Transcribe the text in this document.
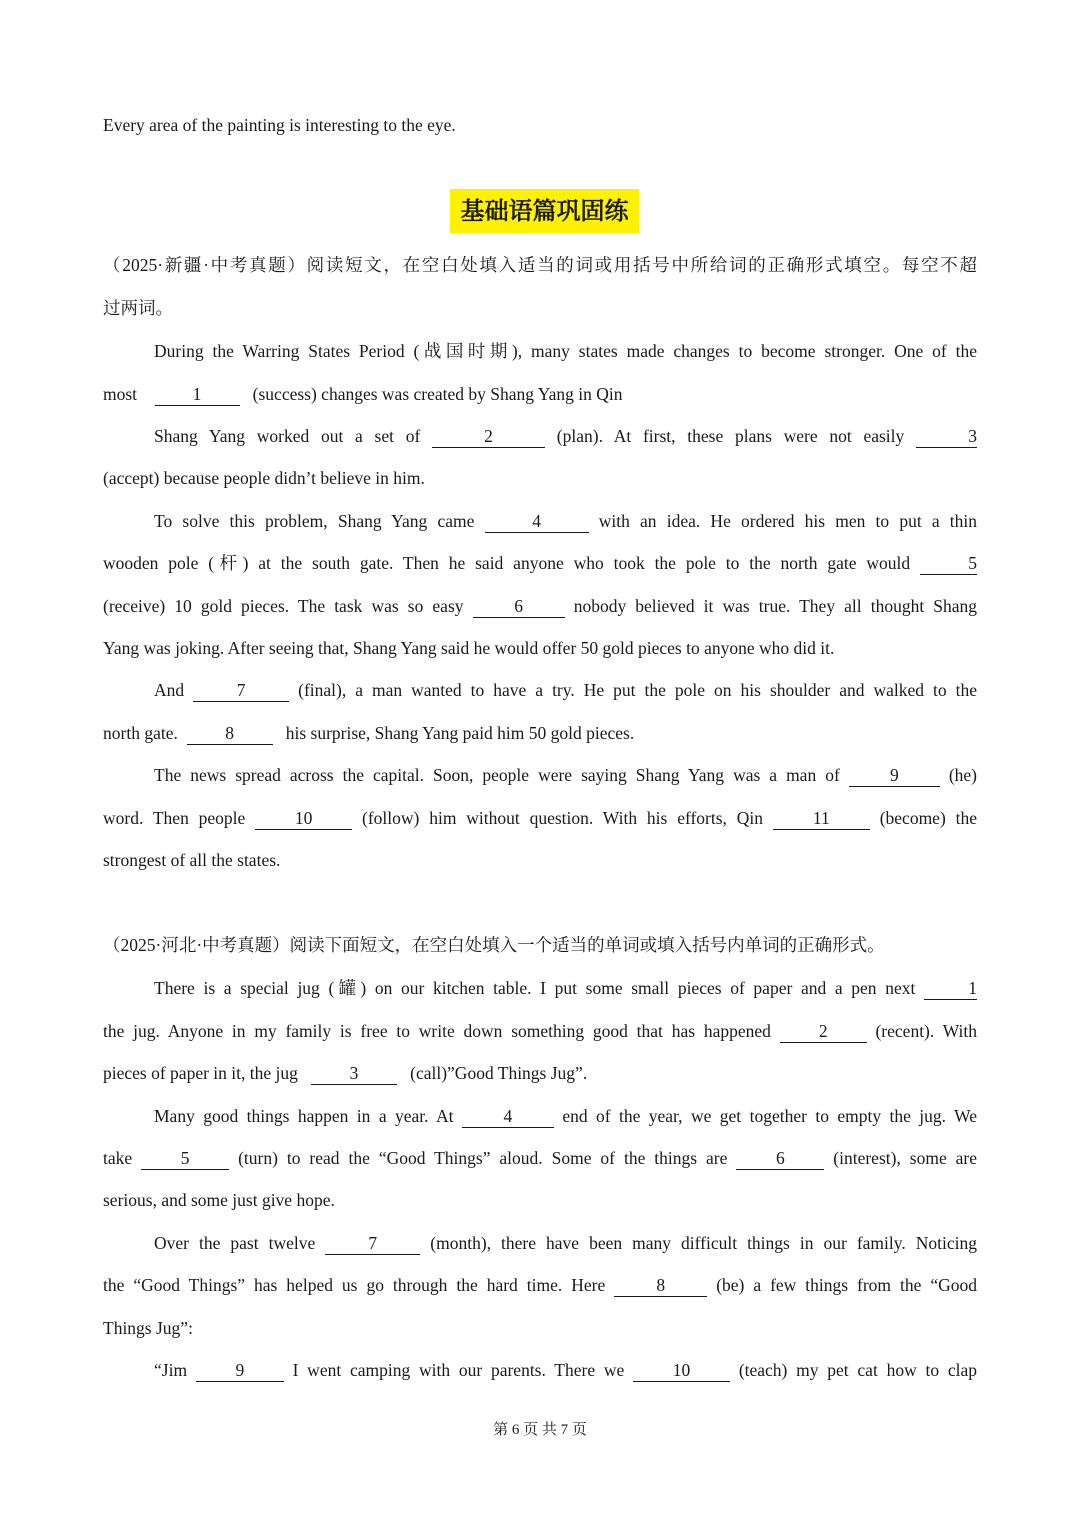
Every area of the painting is interesting to the eye.
基础语篇巩固练
（2025·新疆·中考真题）阅读短文，在空白处填入适当的词或用括号中所给词的正确形式填空。每空不超
过两词。
During the Warring States Period (战国时期), many states made changes to become stronger. One of the
most	1	(success) changes was created by Shang Yang in Qin
Shang Yang worked out a set of	2	(plan). At first, these plans were not easily	3
(accept) because people didn’t believe in him.
To solve this problem, Shang Yang came	4	with an idea. He ordered his men to put a thin
wooden pole (杆) at the south gate. Then he said anyone who took the pole to the north gate would	5
(receive) 10 gold pieces. The task was so easy	6	nobody believed it was true. They all thought Shang
Yang was joking. After seeing that, Shang Yang said he would offer 50 gold pieces to anyone who did it.
And	7	(final), a man wanted to have a try. He put the pole on his shoulder and walked to the
north gate.	8	his surprise, Shang Yang paid him 50 gold pieces.
The news spread across the capital. Soon, people were saying Shang Yang was a man of	9	(he)
word. Then people	10	(follow) him without question. With his efforts, Qin	11	(become) the
strongest of all the states.
（2025·河北·中考真题）阅读下面短文，在空白处填入一个适当的单词或填入括号内单词的正确形式。
There is a special jug (罐) on our kitchen table. I put some small pieces of paper and a pen next	1
the jug. Anyone in my family is free to write down something good that has happened	2	(recent). With
pieces of paper in it, the jug	3	(call)”Good Things Jug”.
Many good things happen in a year. At	4	end of the year, we get together to empty the jug. We
take	5	(turn) to read the “Good Things” aloud. Some of the things are	6	(interest), some are
serious, and some just give hope.
Over the past twelve	7	(month), there have been many difficult things in our family. Noticing
the “Good Things” has helped us go through the hard time. Here	8	(be) a few things from the “Good
Things Jug”:
“Jim	9	I went camping with our parents. There we	10	(teach) my pet cat how to clap
第 6 页 共 7 页
